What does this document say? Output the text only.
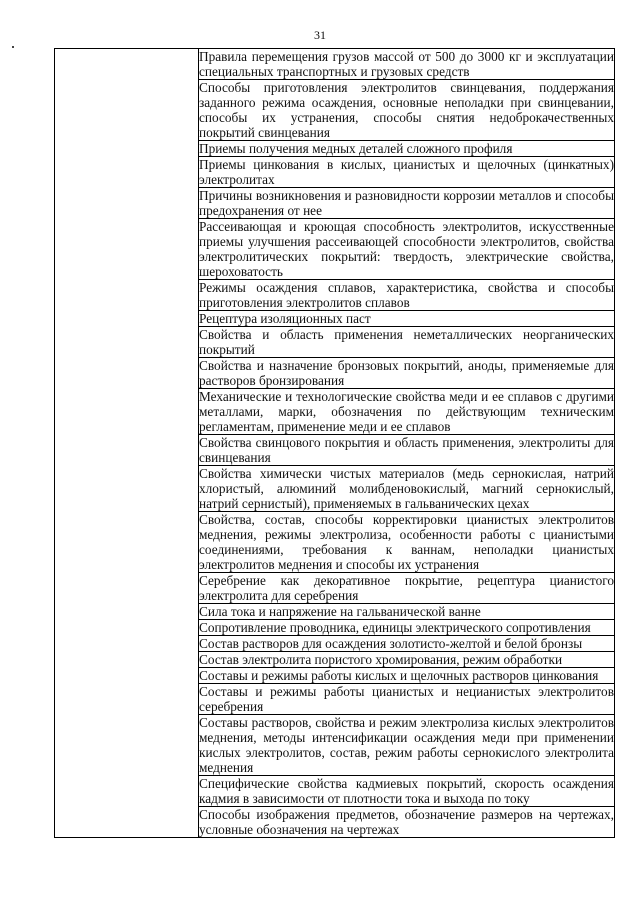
31
	Правила перемещения грузов массой от 500 до 3000 кг и эксплуатации специальных транспортных и грузовых средств
Способы приготовления электролитов свинцевания, поддержания заданного режима осаждения, основные неполадки при свинцевании, способы их устранения, способы снятия недоброкачественных покрытий свинцевания
Приемы получения медных деталей сложного профиля
Приемы цинкования в кислых, цианистых и щелочных (цинкатных) электролитах
Причины возникновения и разновидности коррозии металлов и способы предохранения от нее
Рассеивающая и кроющая способность электролитов, искусственные приемы улучшения рассеивающей способности электролитов, свойства электролитических покрытий: твердость, электрические свойства, шероховатость
Режимы осаждения сплавов, характеристика, свойства и способы приготовления электролитов сплавов
Рецептура изоляционных паст
Свойства и область применения неметаллических неорганических покрытий
Свойства и назначение бронзовых покрытий, аноды, применяемые для растворов бронзирования
Механические и технологические свойства меди и ее сплавов с другими металлами, марки, обозначения по действующим техническим регламентам, применение меди и ее сплавов
Свойства свинцового покрытия и область применения, электролиты для свинцевания
Свойства химически чистых материалов (медь сернокислая, натрий хлористый, алюминий молибденовокислый, магний сернокислый, натрий сернистый), применяемых в гальванических цехах
Свойства, состав, способы корректировки цианистых электролитов меднения, режимы электролиза, особенности работы с цианистыми соединениями, требования к ваннам, неполадки цианистых электролитов меднения и способы их устранения
Серебрение как декоративное покрытие, рецептура цианистого электролита для серебрения
Сила тока и напряжение на гальванической ванне
Сопротивление проводника, единицы электрического сопротивления
Состав растворов для осаждения золотисто-желтой и белой бронзы
Состав электролита пористого хромирования, режим обработки
Составы и режимы работы кислых и щелочных растворов цинкования
Составы и режимы работы цианистых и нецианистых электролитов серебрения
Составы растворов, свойства и режим электролиза кислых электролитов меднения, методы интенсификации осаждения меди при применении кислых электролитов, состав, режим работы сернокислого электролита меднения
Специфические свойства кадмиевых покрытий, скорость осаждения кадмия в зависимости от плотности тока и выхода по току
Способы изображения предметов, обозначение размеров на чертежах, условные обозначения на чертежах
